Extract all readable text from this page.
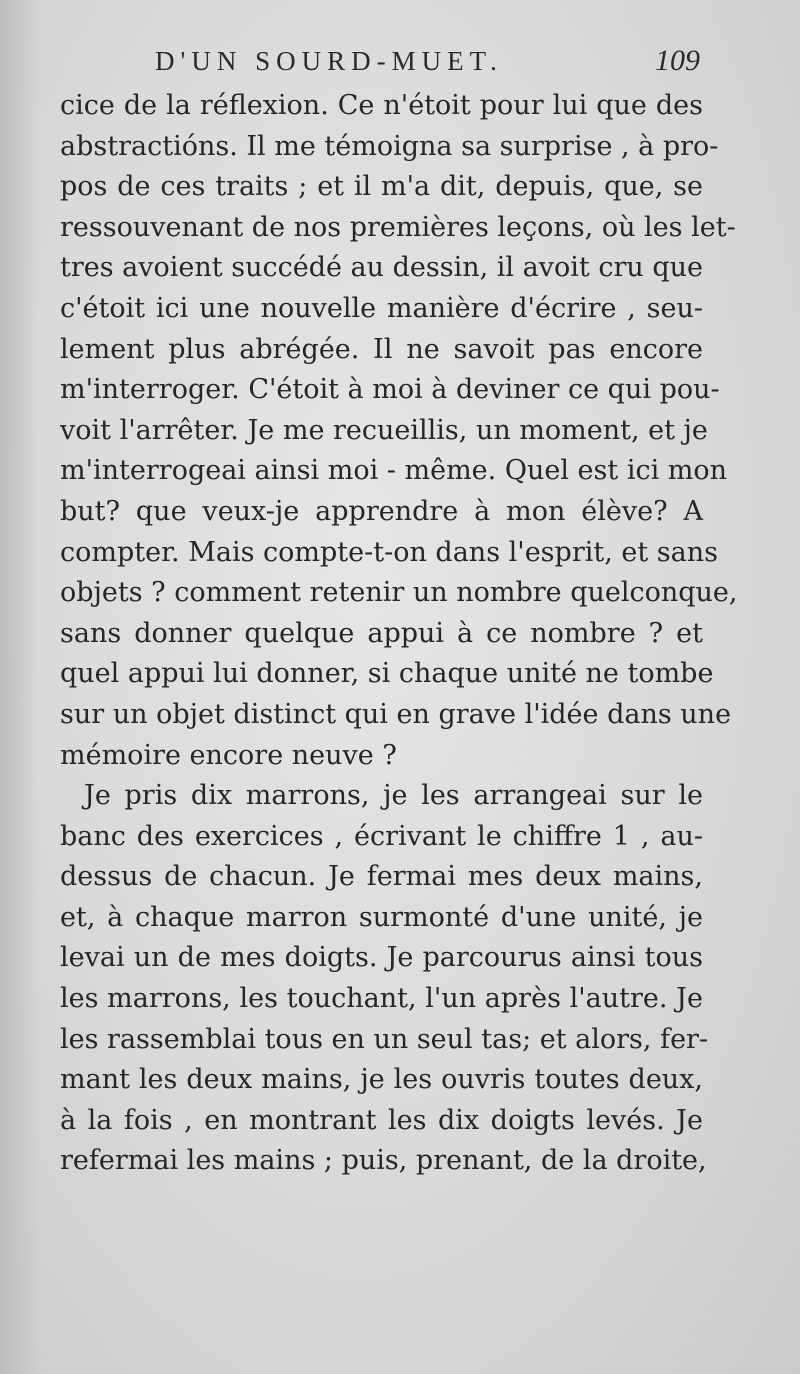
D'UN SOURD-MUET.	109
cice de la réflexion. Ce n'étoit pour lui que des
abstractións. Il me témoigna sa surprise , à pro-
pos de ces traits ; et il m'a dit, depuis, que, se
ressouvenant de nos premières leçons, où les let-
tres avoient succédé au dessin, il avoit cru que
c'étoit ici une nouvelle manière d'écrire , seu-
lement plus abrégée. Il ne savoit pas encore
m'interroger. C'étoit à moi à deviner ce qui pou-
voit l'arrêter. Je me recueillis, un moment, et je
m'interrogeai ainsi moi - même. Quel est ici mon
but? que veux-je apprendre à mon élève? A
compter. Mais compte-t-on dans l'esprit, et sans
objets ? comment retenir un nombre quelconque,
sans donner quelque appui à ce nombre ? et
quel appui lui donner, si chaque unité ne tombe
sur un objet distinct qui en grave l'idée dans une
mémoire encore neuve ?
Je pris dix marrons, je les arrangeai sur le
banc des exercices , écrivant le chiffre 1 , au-
dessus de chacun. Je fermai mes deux mains,
et, à chaque marron surmonté d'une unité, je
levai un de mes doigts. Je parcourus ainsi tous
les marrons, les touchant, l'un après l'autre. Je
les rassemblai tous en un seul tas; et alors, fer-
mant les deux mains, je les ouvris toutes deux,
à la fois , en montrant les dix doigts levés. Je
refermai les mains ; puis, prenant, de la droite,
